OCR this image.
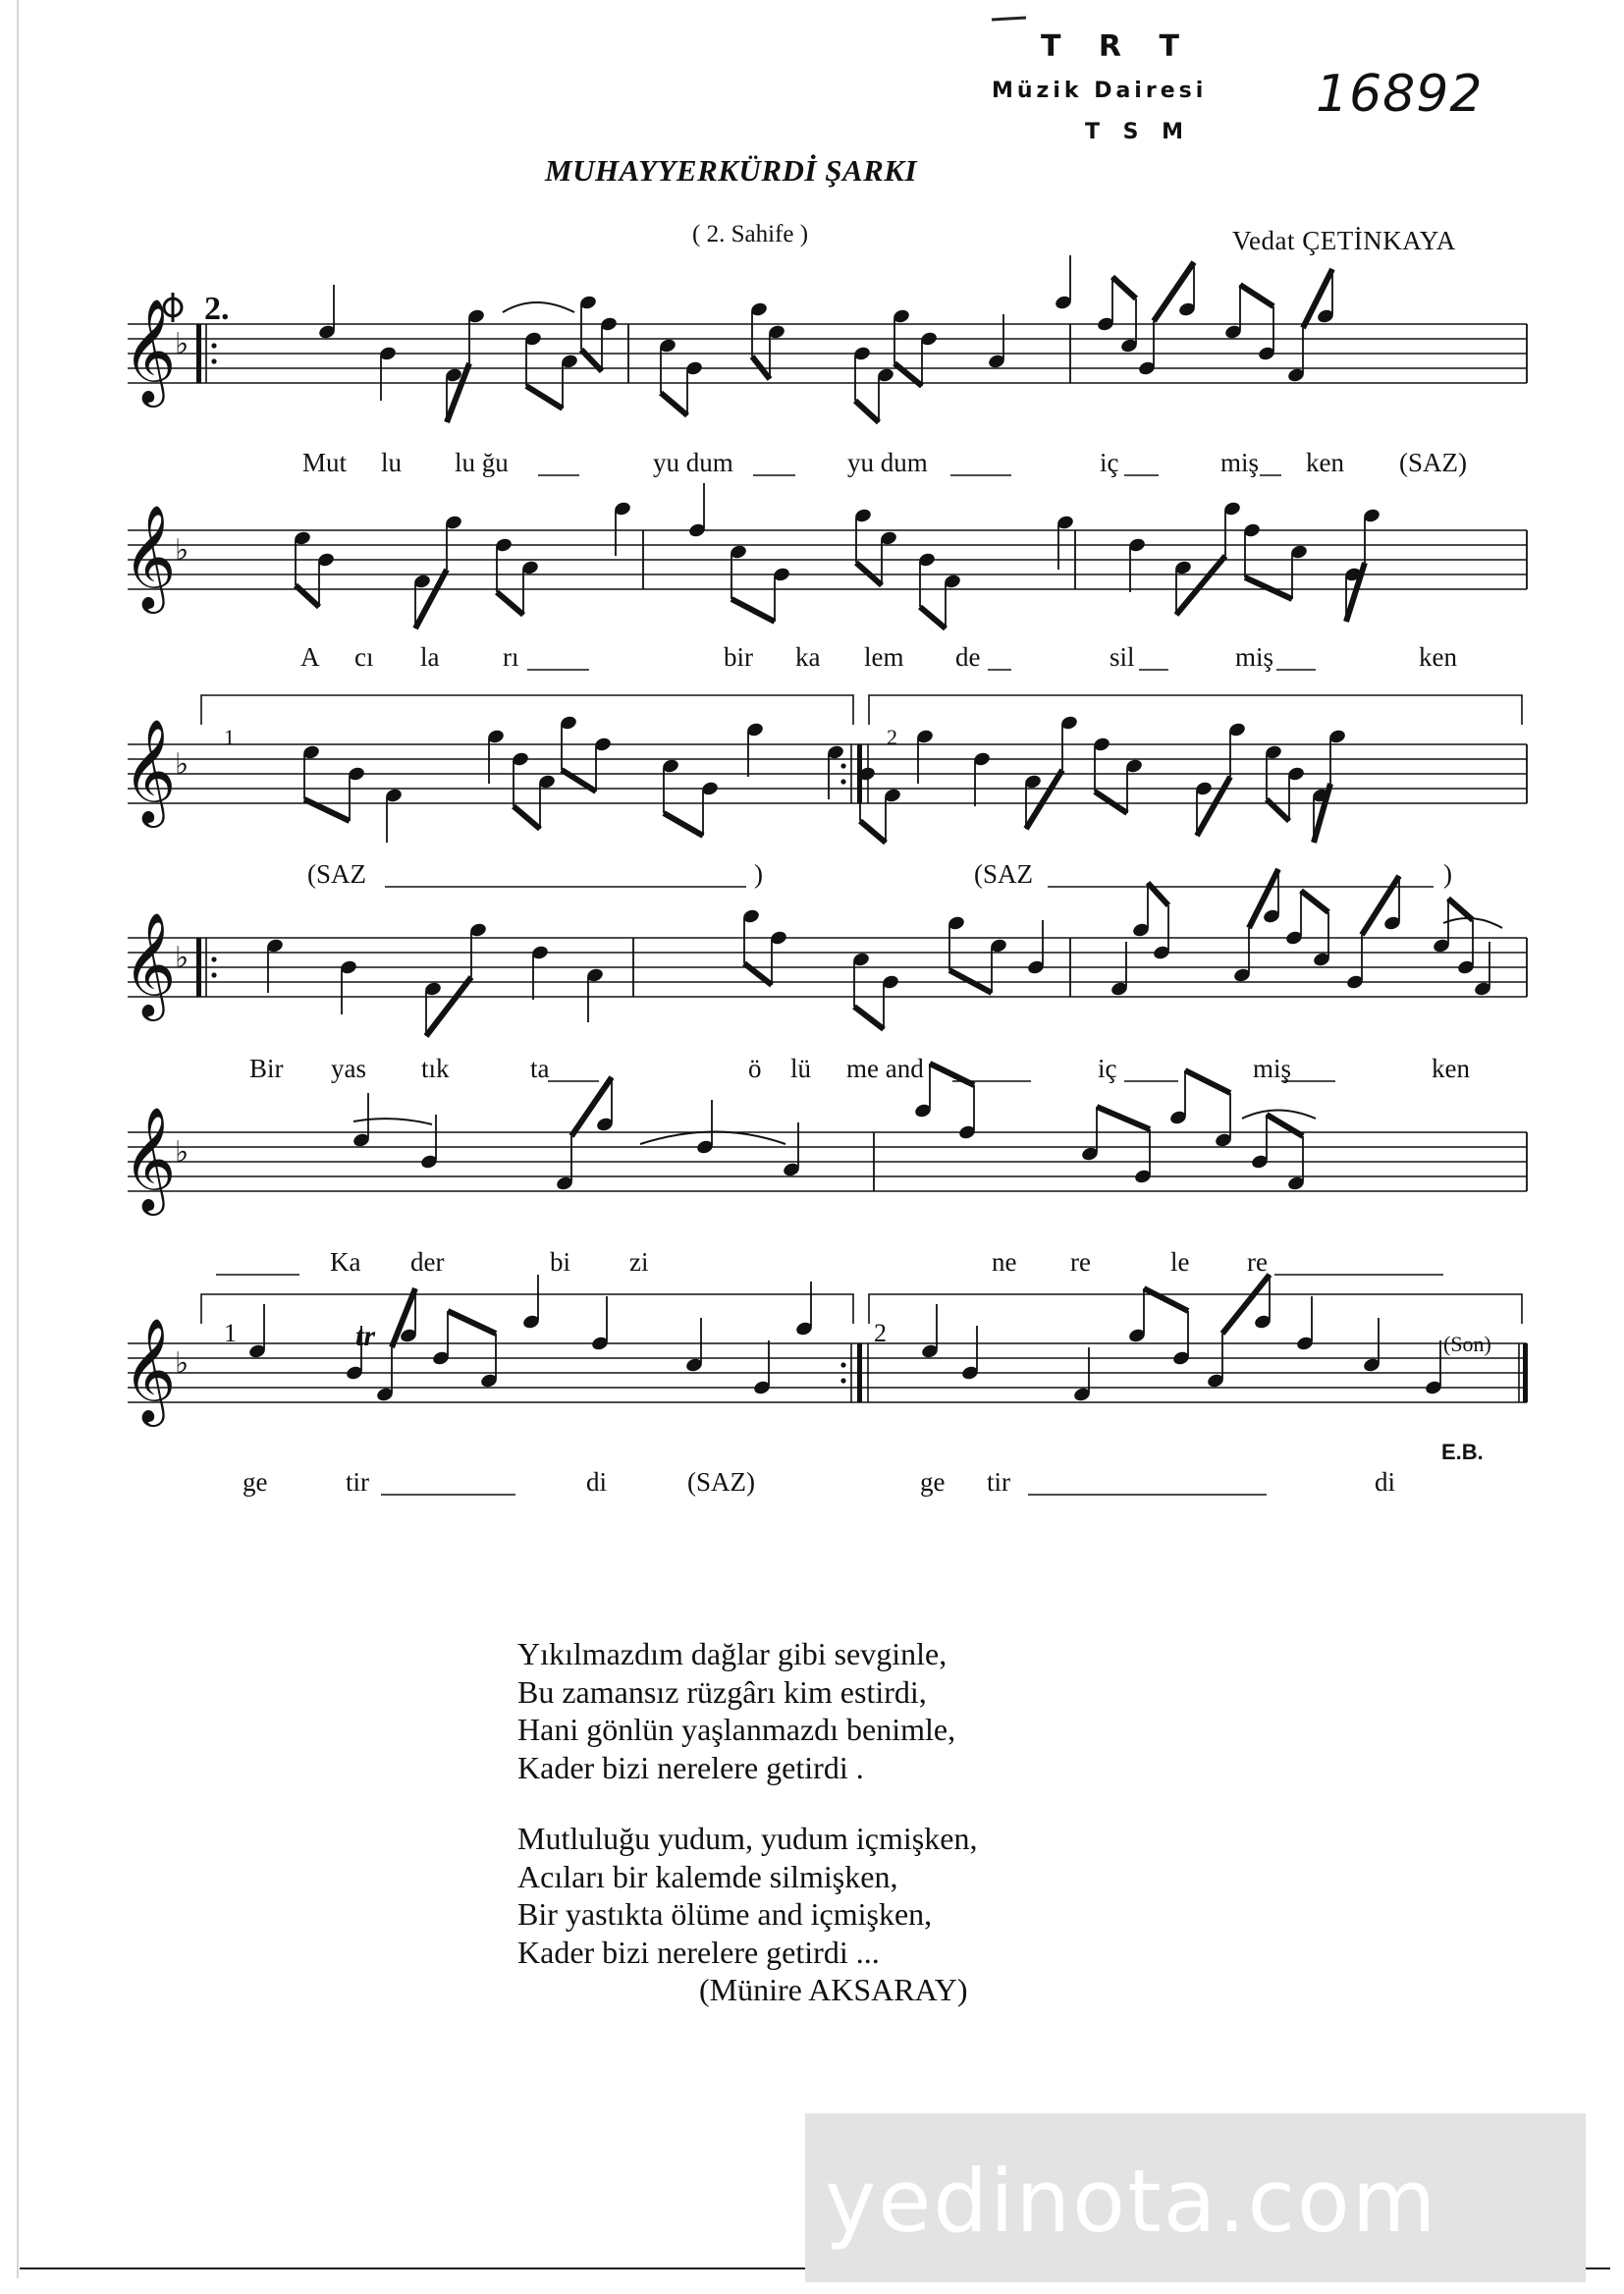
MUHAYYERKÜRDİ ŞARKI
( 2. Sahife )	Vedat ÇETİNKAYA
T R T
Müzik Dairesi
T S M
16892
𝄞
♭
𝄞
♭
𝄞
♭
𝄞
♭
𝄞
♭
𝄞
♭
2.
1	2
1	2
tr	(Son)
E.B.
Mut lu lu ğu	yu dum	yu dum	iç	miş ken (SAZ)
A cı la rı	bir ka lem de	sil	miş	ken
(SAZ	)	(SAZ	)
Bir yas tık	ta	ö lü me and	iç	miş	ken
Ka der	bi zi	ne re	le re
ge	tir	di	(SAZ)	ge tir	di
Yıkılmazdım dağlar gibi sevginle,
Bu zamansız rüzgârı kim estirdi,
Hani gönlün yaşlanmazdı benimle,
Kader bizi nerelere getirdi .
Mutluluğu yudum, yudum içmişken,
Acıları bir kalemde silmişken,
Bir yastıkta ölüme and içmişken,
Kader bizi nerelere getirdi ...
(Münire AKSARAY)
yedinota.com
